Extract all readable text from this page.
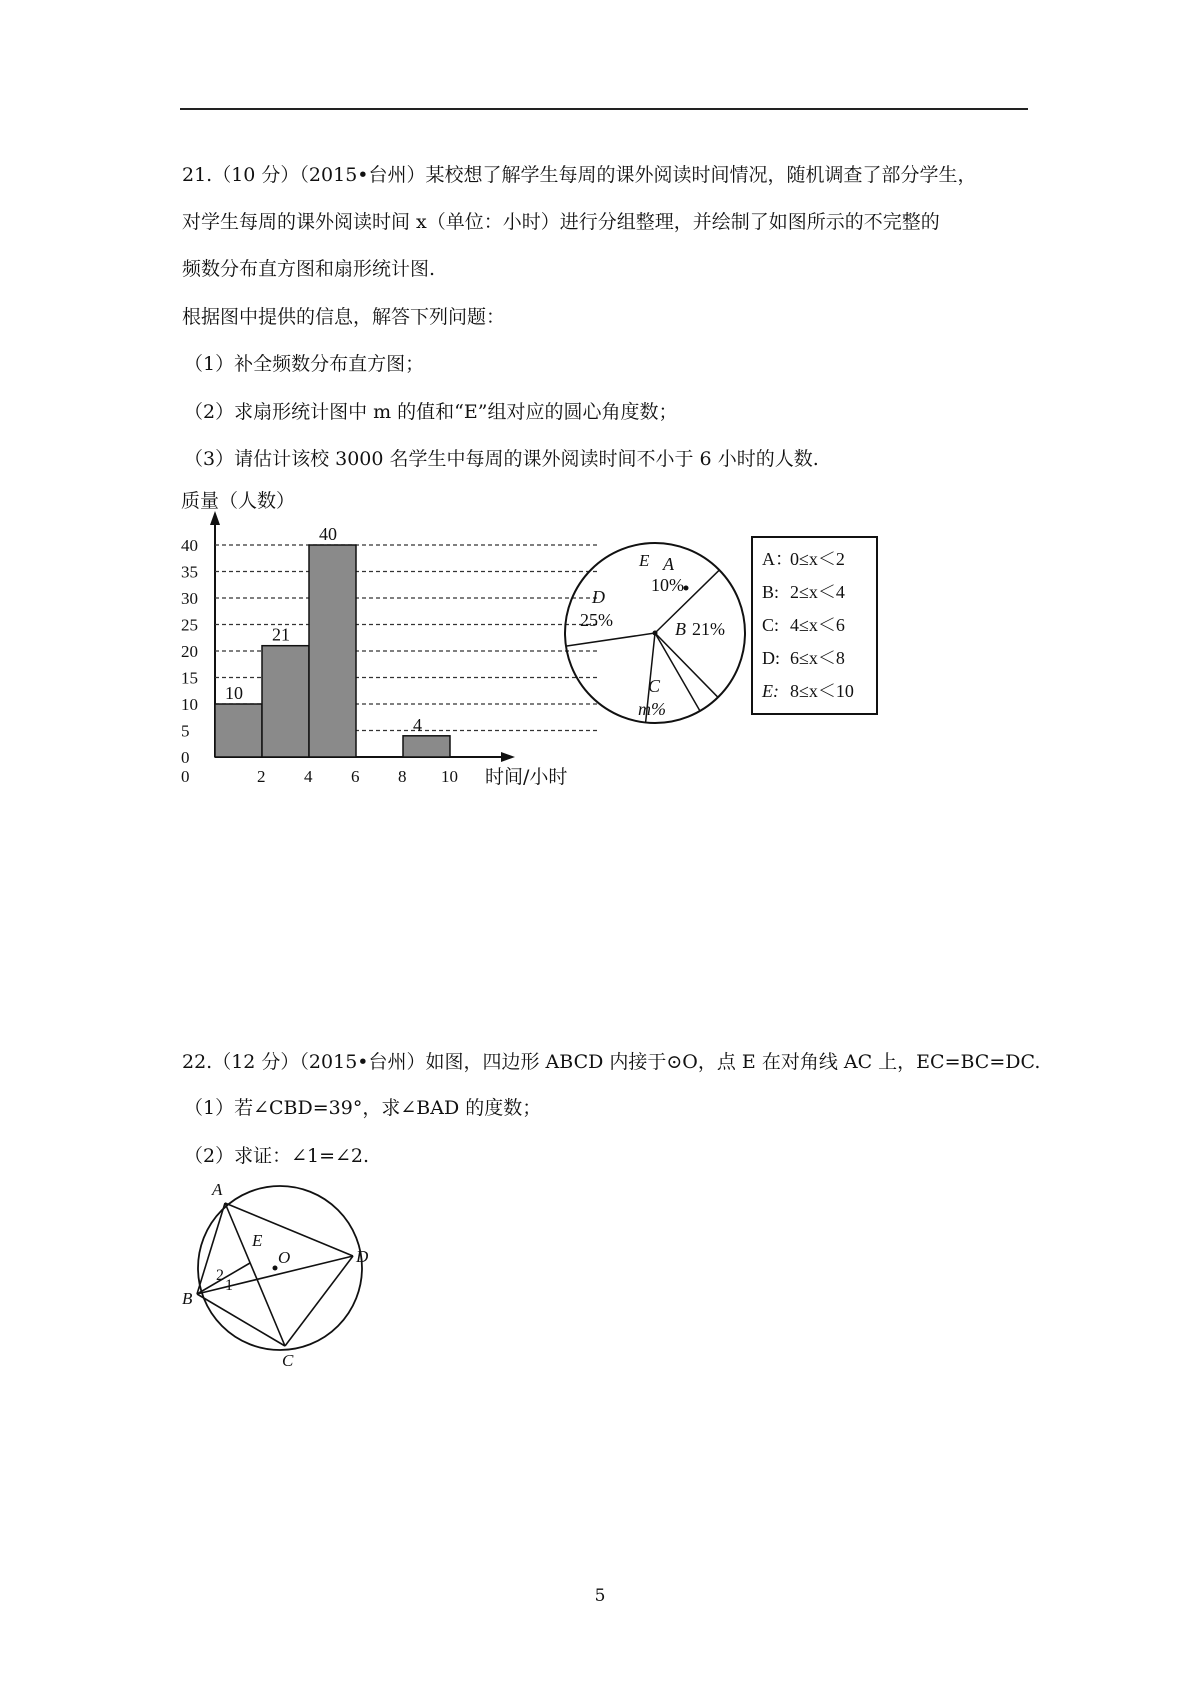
21.（10 分）（2015•台州）某校想了解学生每周的课外阅读时间情况，随机调查了部分学生，
对学生每周的课外阅读时间 x（单位：小时）进行分组整理，并绘制了如图所示的不完整的
频数分布直方图和扇形统计图.
根据图中提供的信息，解答下列问题：
（1）补全频数分布直方图；
（2）求扇形统计图中 m 的值和“E”组对应的圆心角度数；
（3）请估计该校 3000 名学生中每周的课外阅读时间不小于 6 小时的人数.
0
5
10
15
20
25
30
35
40
0	2 4 6 8 10
10
21
40
4
质量（人数）
时间/小时
A
10%
B 21%
C
m%
D
25%
E	A：
0≤x＜2
B: 2≤x＜4
C: 4≤x＜6
D: 6≤x＜8
E: 8≤x＜10
22.（12 分）（2015•台州）如图，四边形 ABCD 内接于⊙O，点 E 在对角线 AC 上，EC=BC=DC.
（1）若∠CBD=39°，求∠BAD 的度数；
（2）求证：∠1=∠2.
A
B
C
D
E
O
2
1
5
